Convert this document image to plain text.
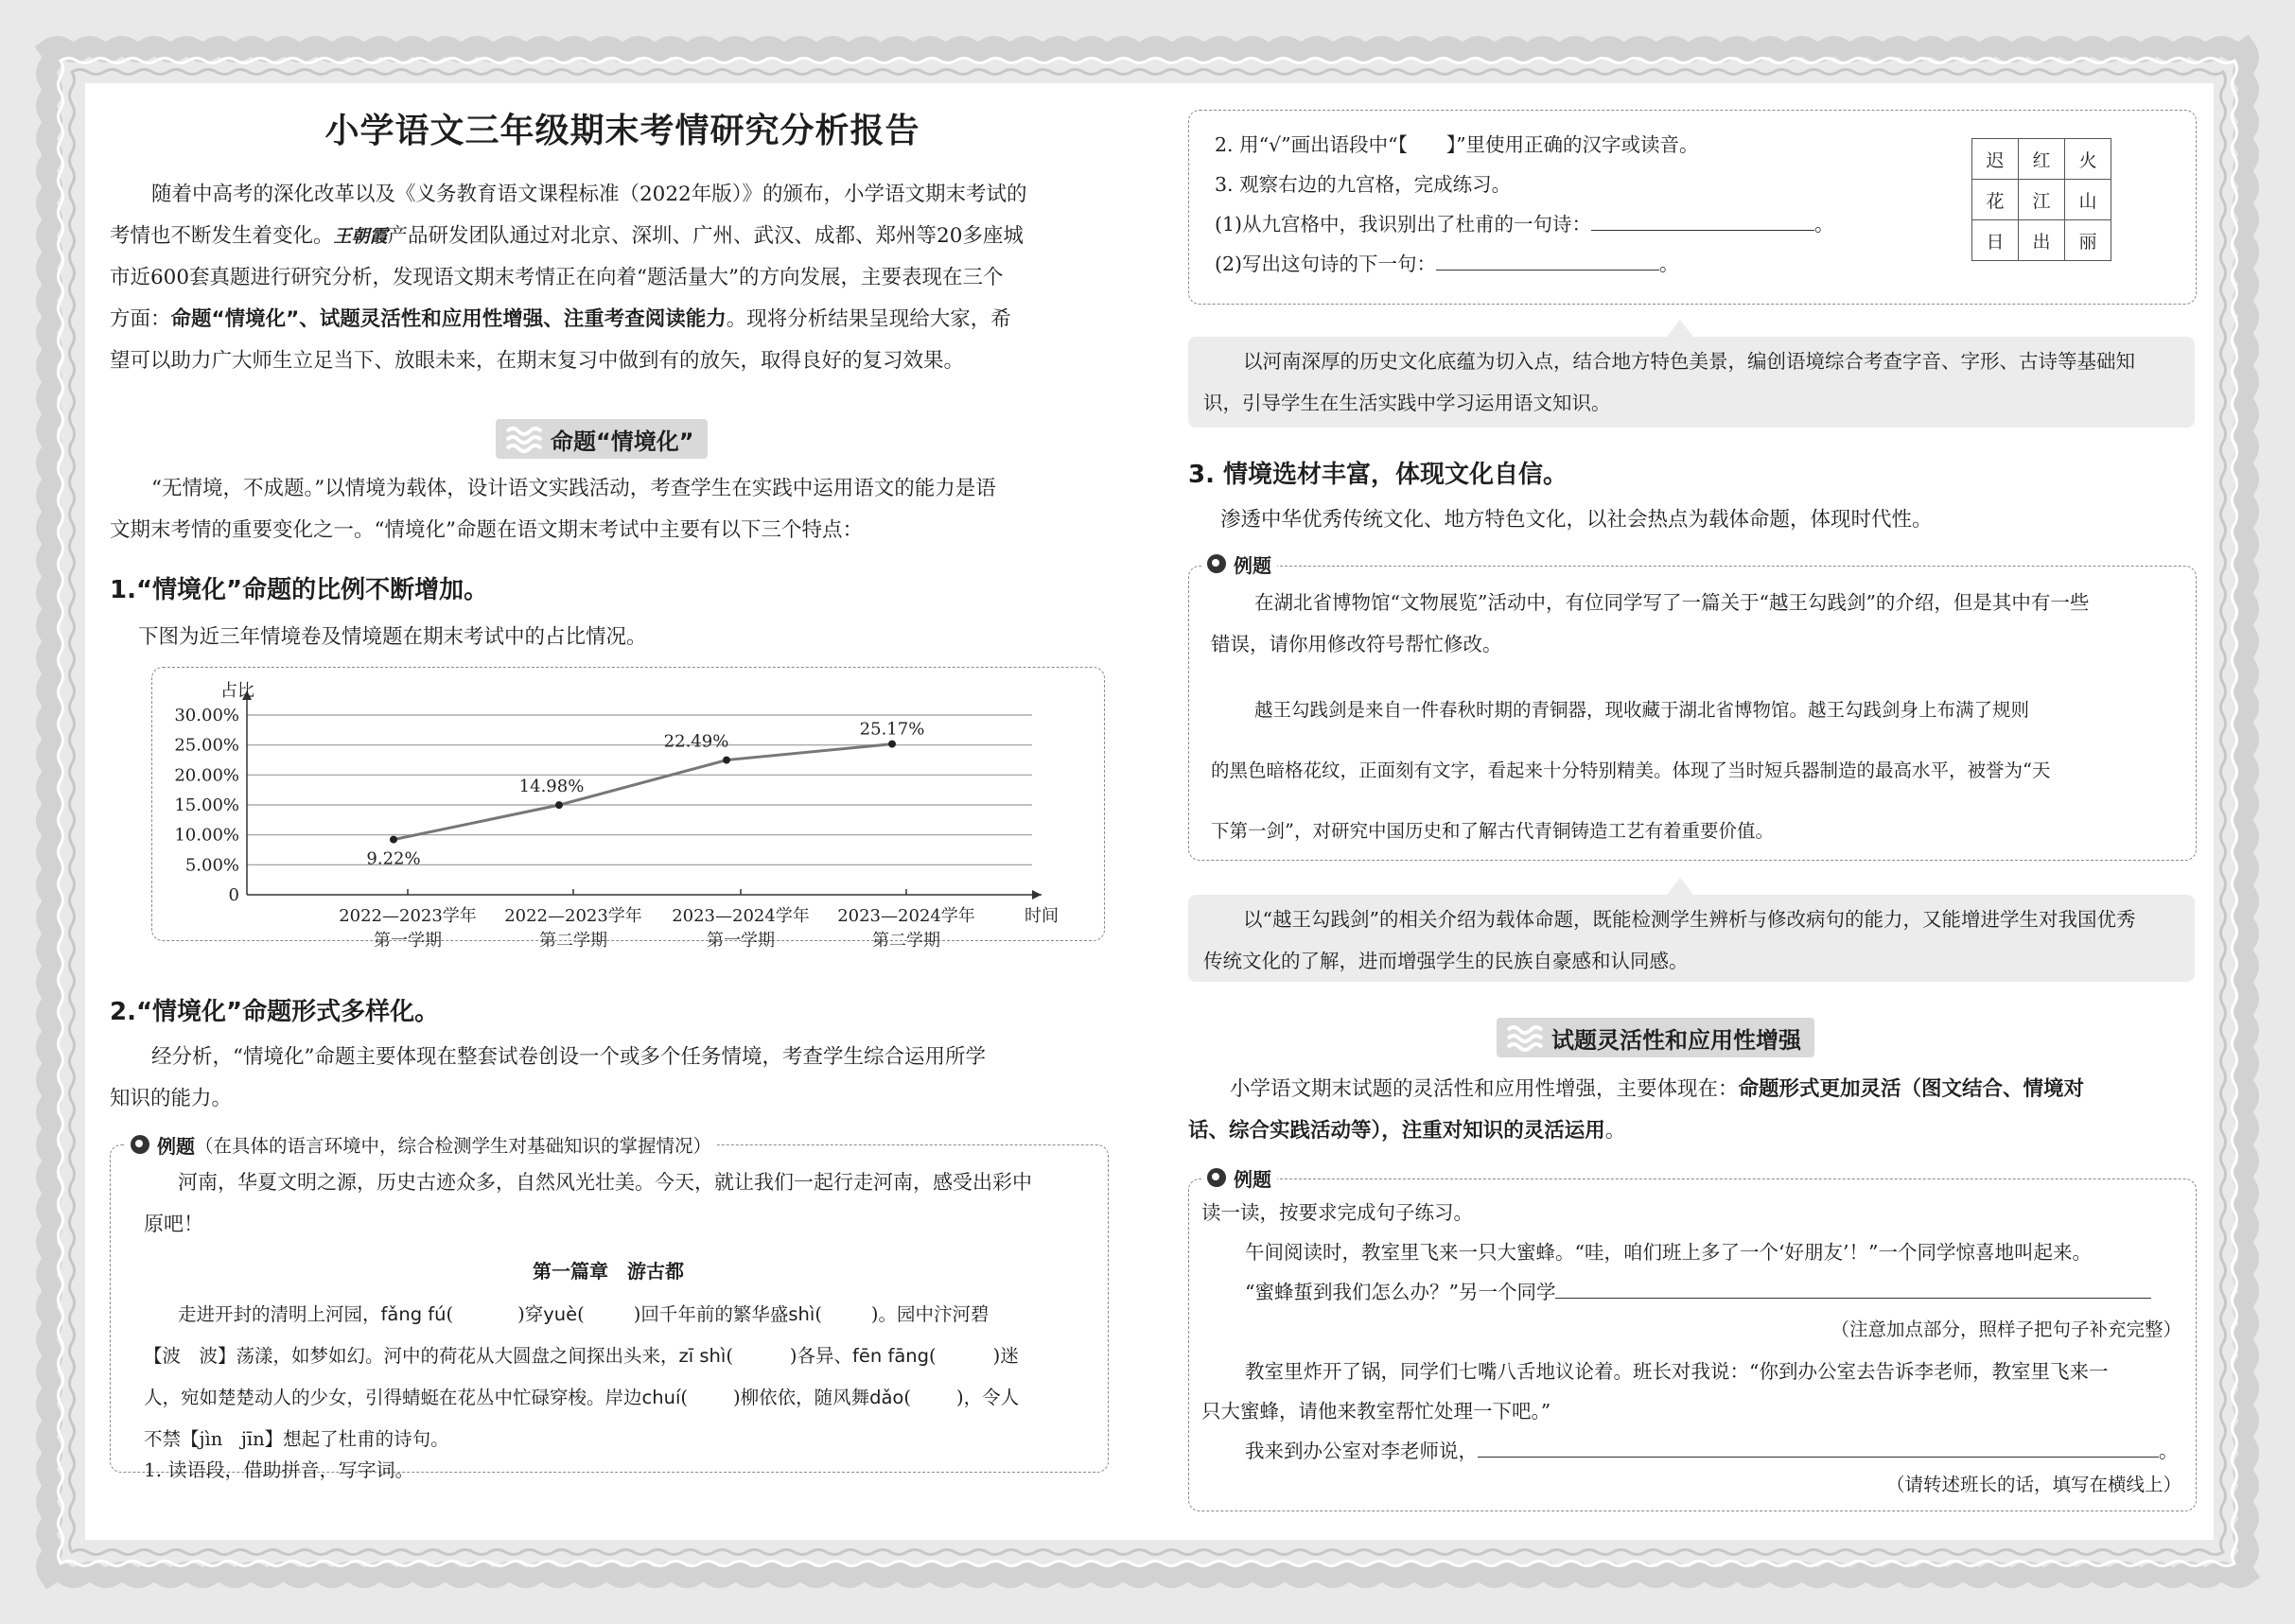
小学语文三年级期末考情研究分析报告

随着中高考的深化改革以及《义务教育语文课程标准（2022年版）》的颁布，小学语文期末考试的

考情也不断发生着变化。王朝霞产品研发团队通过对北京、深圳、广州、武汉、成都、郑州等20多座城

市近600套真题进行研究分析，发现语文期末考情正在向着“题活量大”的方向发展，主要表现在三个

方面：命题“情境化”、试题灵活性和应用性增强、注重考查阅读能力。现将分析结果呈现给大家，希

望可以助力广大师生立足当下、放眼未来，在期末复习中做到有的放矢，取得良好的复习效果。

命题“情境化”

“无情境，不成题。”以情境为载体，设计语文实践活动，考查学生在实践中运用语文的能力是语

文期末考情的重要变化之一。“情境化”命题在语文期末考试中主要有以下三个特点：

1.“情境化”命题的比例不断增加。

下图为近三年情境卷及情境题在期末考试中的占比情况。

0
5.00%
10.00%
15.00%
20.00%
25.00%
30.00%
占比
时间
2022—2023学年
第一学期
2022—2023学年
第二学期
2023—2024学年
第一学期
2023—2024学年
第二学期
9.22%
14.98%
22.49%
25.17%
2.“情境化”命题形式多样化。

经分析，“情境化”命题主要体现在整套试卷创设一个或多个任务情境，考查学生综合运用所学

知识的能力。

例题 （在具体的语言环境中，综合检测学生对基础知识的掌握情况）

河南，华夏文明之源，历史古迹众多，自然风光壮美。今天，就让我们一起行走河南，感受出彩中

原吧！

第一篇章　游古都

走进开封的清明上河园，fǎng fú(	)穿yuè(	)回千年前的繁华盛shì(	)。园中汴河碧

【波　波】荡漾，如梦如幻。河中的荷花从大圆盘之间探出头来，zī shì(	)各异、fēn fāng(	)迷

人，宛如楚楚动人的少女，引得蜻蜓在花丛中忙碌穿梭。岸边chuí( )柳依依，随风舞dǎo( )，令人

不禁【jìn　jīn】想起了杜甫的诗句。

1. 读语段，借助拼音，写字词。

2. 用“√”画出语段中“【　　】”里使用正确的汉字或读音。

3. 观察右边的九宫格，完成练习。

(1)从九宫格中，我识别出了杜甫的一句诗：	。

(2)写出这句诗的下一句：	。

迟	红	火
花	江	山
日	出	丽

以河南深厚的历史文化底蕴为切入点，结合地方特色美景，编创语境综合考查字音、字形、古诗等基础知

识，引导学生在生活实践中学习运用语文知识。

3. 情境选材丰富，体现文化自信。

渗透中华优秀传统文化、地方特色文化，以社会热点为载体命题，体现时代性。

例题

在湖北省博物馆“文物展览”活动中，有位同学写了一篇关于“越王勾践剑”的介绍，但是其中有一些

错误，请你用修改符号帮忙修改。

越王勾践剑是来自一件春秋时期的青铜器，现收藏于湖北省博物馆。越王勾践剑身上布满了规则

的黑色暗格花纹，正面刻有文字，看起来十分特别精美。体现了当时短兵器制造的最高水平，被誉为“天

下第一剑”，对研究中国历史和了解古代青铜铸造工艺有着重要价值。

以“越王勾践剑”的相关介绍为载体命题，既能检测学生辨析与修改病句的能力，又能增进学生对我国优秀

传统文化的了解，进而增强学生的民族自豪感和认同感。

试题灵活性和应用性增强

小学语文期末试题的灵活性和应用性增强，主要体现在：命题形式更加灵活（图文结合、情境对

话、综合实践活动等），注重对知识的灵活运用。

例题

读一读，按要求完成句子练习。

午间阅读时，教室里飞来一只大蜜蜂。“哇，咱们班上多了一个‘好朋友’！”一个同学惊喜地叫起来。

“蜜蜂蜇到我们怎么办？”另一个同学

（注意加点部分，照样子把句子补充完整）

教室里炸开了锅，同学们七嘴八舌地议论着。班长对我说：“你到办公室去告诉李老师，教室里飞来一

只大蜜蜂，请他来教室帮忙处理一下吧。”

我来到办公室对李老师说，	。

（请转述班长的话，填写在横线上）
